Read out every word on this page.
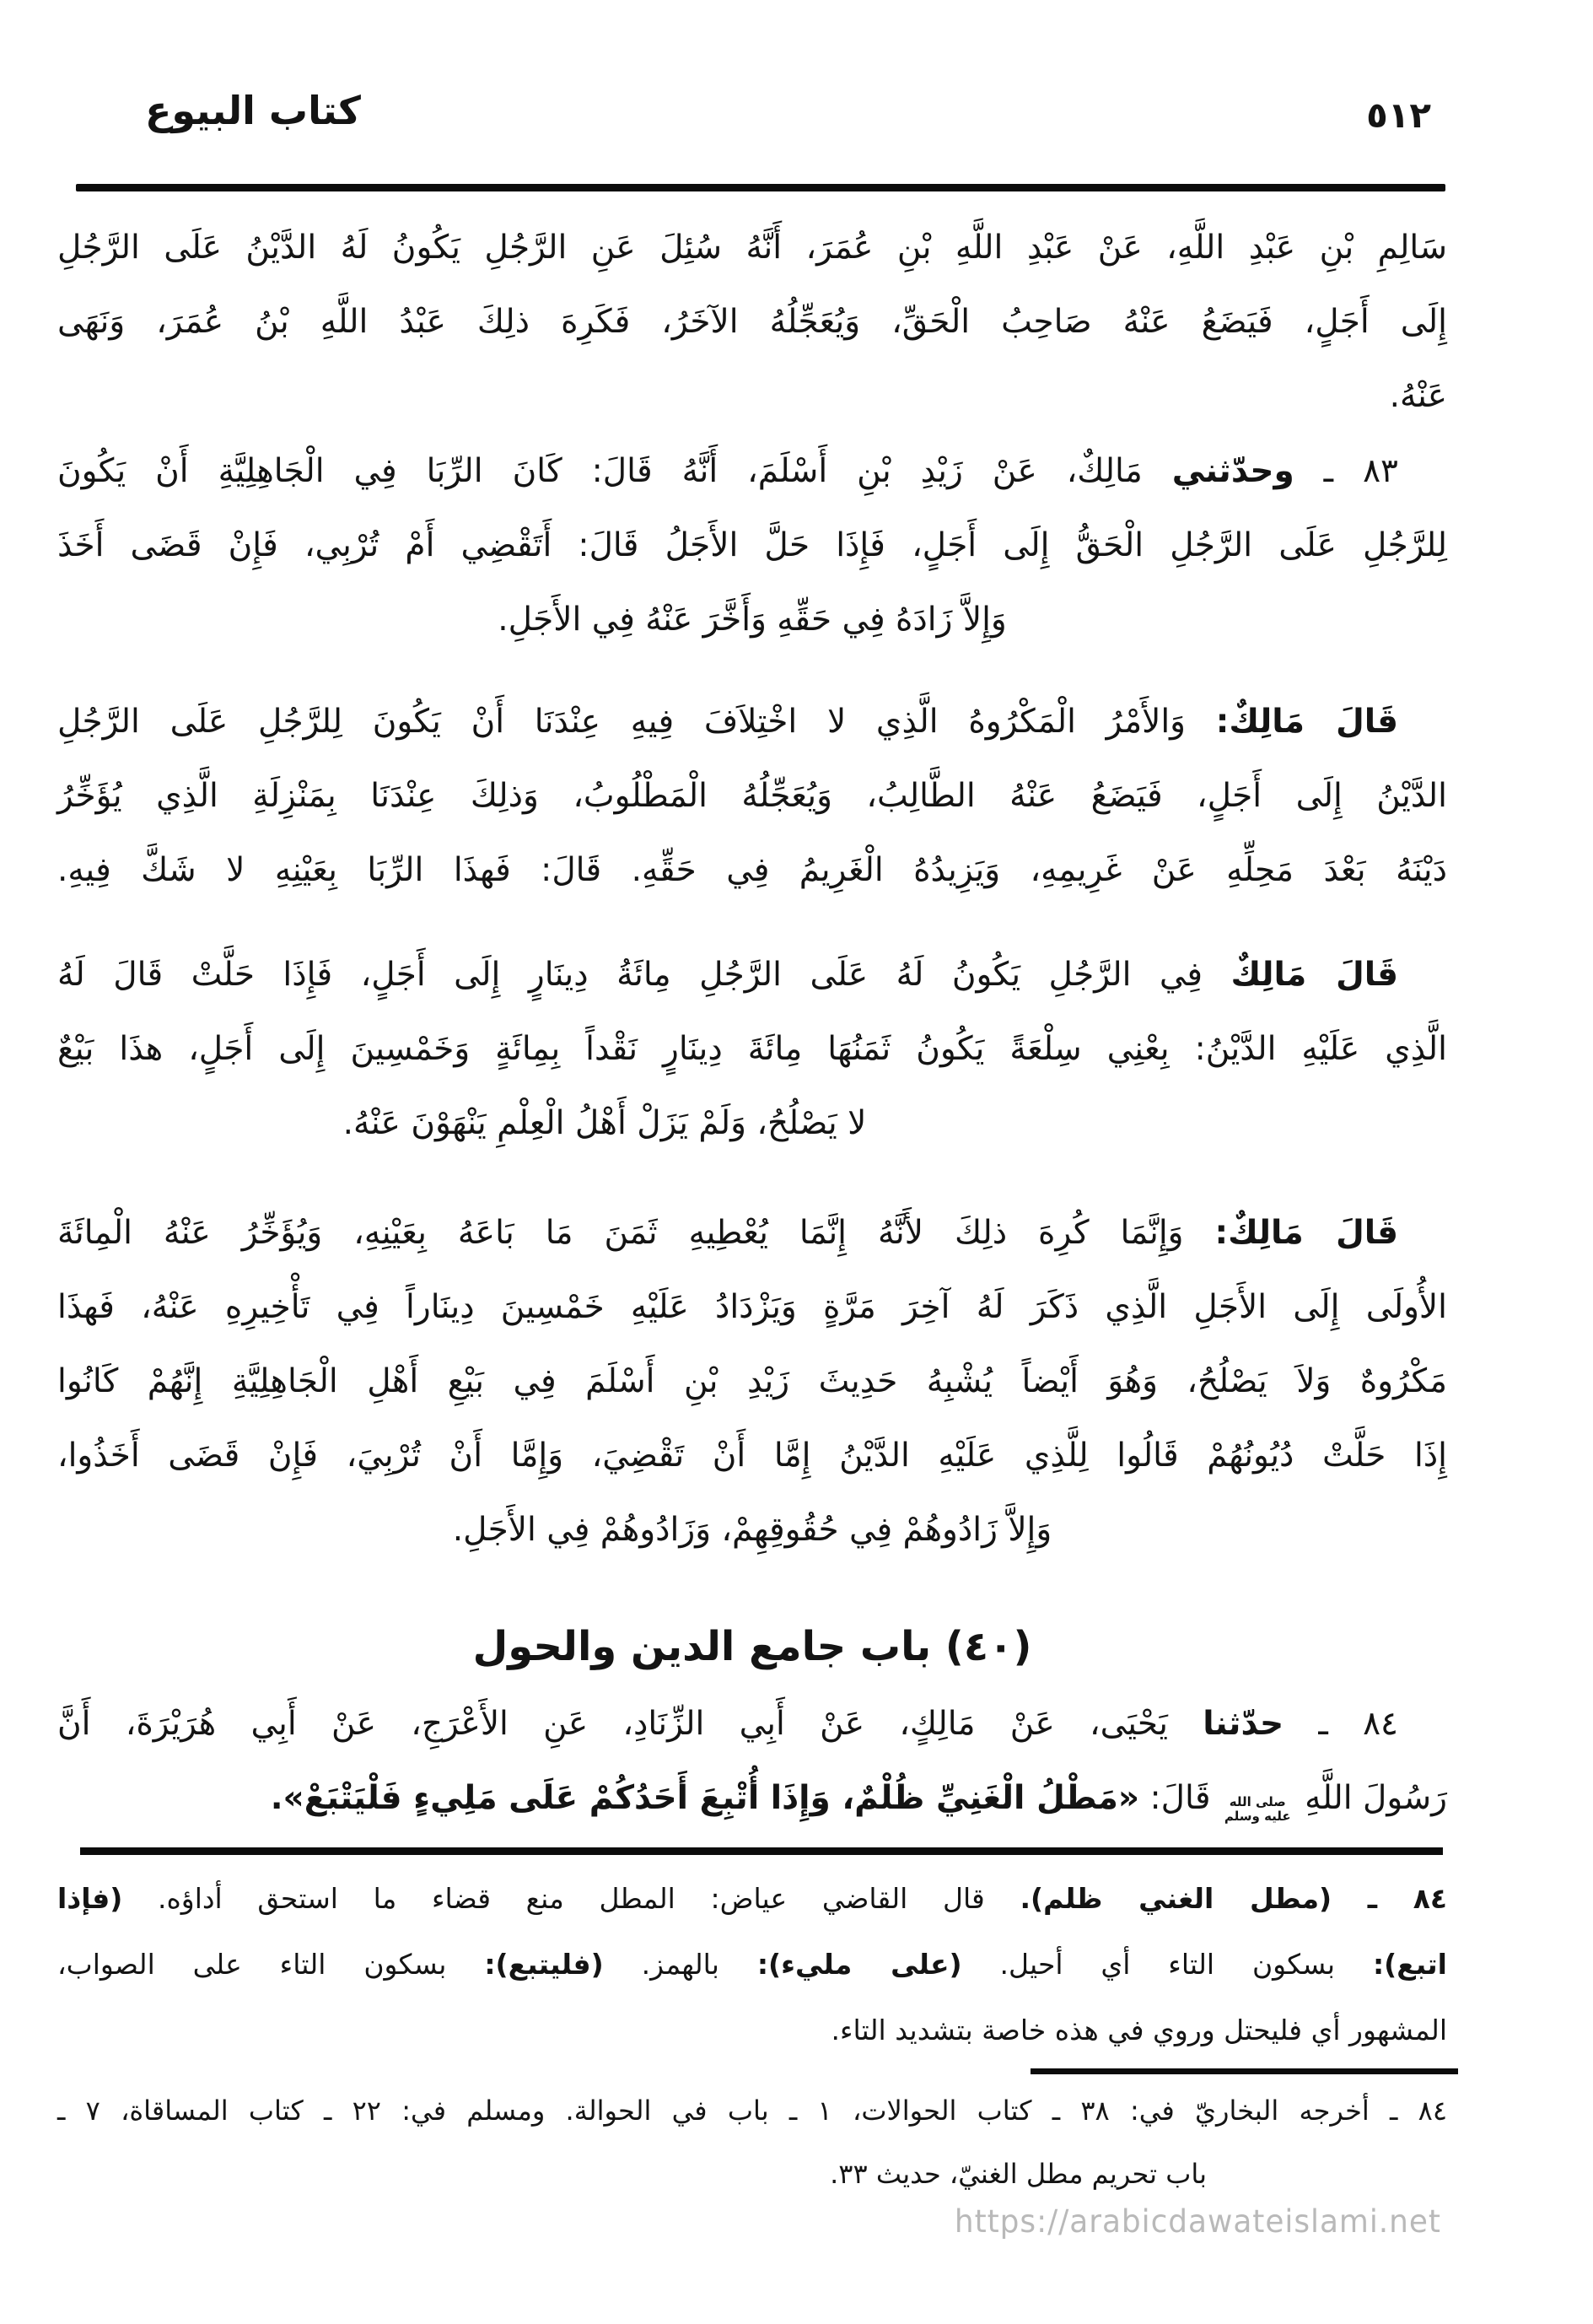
كتاب البيوع	٥١٢
سَالِمِ بْنِ عَبْدِ اللَّهِ، عَنْ عَبْدِ اللَّهِ بْنِ عُمَرَ، أَنَّهُ سُئِلَ عَنِ الرَّجُلِ يَكُونُ لَهُ الدَّيْنُ عَلَى الرَّجُلِ
إِلَى أَجَلٍ، فَيَضَعُ عَنْهُ صَاحِبُ الْحَقِّ، وَيُعَجِّلُهُ الآخَرُ، فَكَرِهَ ذلِكَ عَبْدُ اللَّهِ بْنُ عُمَرَ، وَنَهَى
عَنْهُ.
٨٣ ـ وحدّثني مَالِكٌ، عَنْ زَيْدِ بْنِ أَسْلَمَ، أَنَّهُ قَالَ: كَانَ الرِّبَا فِي الْجَاهِلِيَّةِ أَنْ يَكُونَ
لِلرَّجُلِ عَلَى الرَّجُلِ الْحَقُّ إِلَى أَجَلٍ، فَإِذَا حَلَّ الأَجَلُ قَالَ: أَتَقْضِي أَمْ تُرْبِي، فَإِنْ قَضَى أَخَذَ
وَإِلاَّ زَادَهُ فِي حَقِّهِ وَأَخَّرَ عَنْهُ فِي الأَجَلِ.
قَالَ مَالِكٌ: وَالأَمْرُ الْمَكْرُوهُ الَّذِي لا اخْتِلاَفَ فِيهِ عِنْدَنَا أَنْ يَكُونَ لِلرَّجُلِ عَلَى الرَّجُلِ
الدَّيْنُ إِلَى أَجَلٍ، فَيَضَعُ عَنْهُ الطَّالِبُ، وَيُعَجِّلُهُ الْمَطْلُوبُ، وَذلِكَ عِنْدَنَا بِمَنْزِلَةِ الَّذِي يُؤَخِّرُ
دَيْنَهُ بَعْدَ مَحِلِّهِ عَنْ غَرِيمِهِ، وَيَزِيدُهُ الْغَرِيمُ فِي حَقِّهِ. قَالَ: فَهذَا الرِّبَا بِعَيْنِهِ لا شَكَّ فِيهِ.
قَالَ مَالِكٌ فِي الرَّجُلِ يَكُونُ لَهُ عَلَى الرَّجُلِ مِائَةُ دِينَارٍ إِلَى أَجَلٍ، فَإِذَا حَلَّتْ قَالَ لَهُ
الَّذِي عَلَيْهِ الدَّيْنُ: بِعْنِي سِلْعَةً يَكُونُ ثَمَنُهَا مِائَةَ دِينَارٍ نَقْداً بِمِائَةٍ وَخَمْسِينَ إِلَى أَجَلٍ، هذَا بَيْعٌ
لا يَصْلُحُ، وَلَمْ يَزَلْ أَهْلُ الْعِلْمِ يَنْهَوْنَ عَنْهُ.
قَالَ مَالِكٌ: وَإِنَّمَا كُرِهَ ذلِكَ لأَنَّهُ إِنَّمَا يُعْطِيهِ ثَمَنَ مَا بَاعَهُ بِعَيْنِهِ، وَيُؤَخِّرُ عَنْهُ الْمِائَةَ
الأُولَى إِلَى الأَجَلِ الَّذِي ذَكَرَ لَهُ آخِرَ مَرَّةٍ وَيَزْدَادُ عَلَيْهِ خَمْسِينَ دِينَاراً فِي تَأْخِيرِهِ عَنْهُ، فَهذَا
مَكْرُوهٌ وَلاَ يَصْلُحُ، وَهُوَ أَيْضاً يُشْبِهُ حَدِيثَ زَيْدِ بْنِ أَسْلَمَ فِي بَيْعِ أَهْلِ الْجَاهِلِيَّةِ إِنَّهُمْ كَانُوا
إِذَا حَلَّتْ دُيُونُهُمْ قَالُوا لِلَّذِي عَلَيْهِ الدَّيْنُ إِمَّا أَنْ تَقْضِيَ، وَإِمَّا أَنْ تُرْبِيَ، فَإِنْ قَضَى أَخَذُوا،
وَإِلاَّ زَادُوهُمْ فِي حُقُوقِهِمْ، وَزَادُوهُمْ فِي الأَجَلِ.
(٤٠) باب جامع الدين والحول
٨٤ ـ حدّثنا يَحْيَى، عَنْ مَالِكٍ، عَنْ أَبِي الزِّنَادِ، عَنِ الأَعْرَجِ، عَنْ أَبِي هُرَيْرَةَ، أَنَّ
رَسُولَ اللَّهِ
صلى الله
عليه وسلم
قَالَ: «مَطْلُ الْغَنِيِّ ظُلْمٌ، وَإِذَا أُتْبِعَ أَحَدُكُمْ عَلَى مَلِيءٍ فَلْيَتْبَعْ».
٨٤ ـ (مطل الغني ظلم). قال القاضي عياض: المطل منع قضاء ما استحق أداؤه. (فإذا
اتبع): بسكون التاء أي أحيل. (على مليء): بالهمز. (فليتبع): بسكون التاء على الصواب،
المشهور أي فليحتل وروي في هذه خاصة بتشديد التاء.
٨٤ ـ أخرجه البخاريّ في: ٣٨ ـ كتاب الحوالات، ١ ـ باب في الحوالة. ومسلم في: ٢٢ ـ كتاب المساقاة، ٧ ـ
باب تحريم مطل الغنيّ، حديث ٣٣.
https://arabicdawateislami.net
